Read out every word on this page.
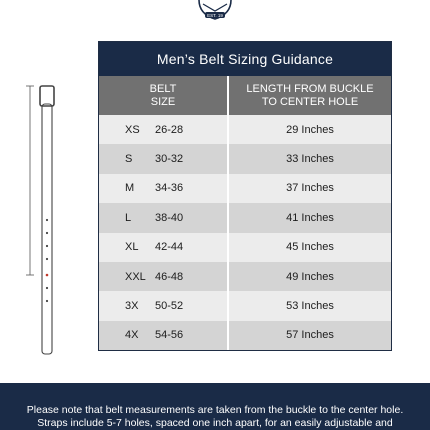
EST. 19
Men’s Belt Sizing Guidance
BELT
SIZE
LENGTH FROM BUCKLE
TO CENTER HOLE
XS	26-28	29 Inches
S	30-32	33 Inches
M	34-36	37 Inches
L	38-40	41 Inches
XL	42-44	45 Inches
XXL 46-48	49 Inches
3X	50-52	53 Inches
4X	54-56	57 Inches
Please note that belt measurements are taken from the buckle to the center hole.
Straps include 5-7 holes, spaced one inch apart, for an easily adjustable and
